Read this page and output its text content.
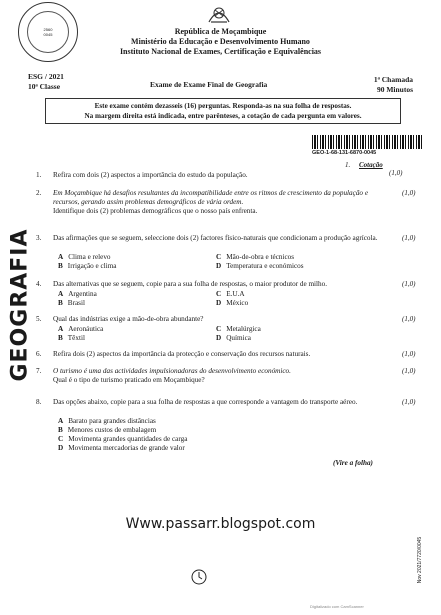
2560
0045	República de Moçambique
Ministério da Educação e Desenvolvimento Humano
Instituto Nacional de Exames, Certificação e Equivalências
ESG / 2021
10ª Classe	Exame de Exame Final de Geografia
1ª Chamada
90 Minutos
Este exame contém dezasseis (16) perguntas. Responda-as na sua folha de respostas.
Na margem direita está indicada, entre parênteses, a cotação de cada pergunta em valores.
GEO-1-68-131-6870-0045
1. Cotação
(1,0)
GEOGRAFIA
1. Refira com dois (2) aspectos a importância do estudo da população.
2. Em Moçambique há desafios resultantes da incompatibilidade entre os ritmos de crescimento da população e recursos, gerando assim problemas demográficos de vária ordem.
Identifique dois (2) problemas demográficos que o nosso país enfrenta.
(1,0)
3. Das afirmações que se seguem, seleccione dois (2) factores físico-naturais que condicionam a produção agrícola.	(1,0)
A Clima e relevo	C Mão-de-obra e técnicos
B Irrigação e clima	D Temperatura e económicos
4. Das alternativas que se seguem, copie para a sua folha de respostas, o maior produtor de milho.	(1,0)
A Argentina	C E.U.A
B Brasil	D México
5. Qual das indústrias exige a mão-de-obra abundante?	(1,0)
A Aeronáutica	C Metalúrgica
B Têxtil	D Química
6. Refira dois (2) aspectos da importância da protecção e conservação dos recursos naturais.	(1,0)
7. O turismo é uma das actividades impulsionadoras do desenvolvimento económico.
Qual é o tipo de turismo praticado em Moçambique?
(1,0)
8. Das opções abaixo, copie para a sua folha de respostas a que corresponde a vantagem do transporte aéreo.	(1,0)
A Barato para grandes distâncias
B Menores custos de embalagem
C Movimenta grandes quantidades de carga
D Movimenta mercadorias de grande valor
(Vire a folha)
Www.passarr.blogspot.com
Nov 2021/7720/0045
Digitalizado com CamScanner
